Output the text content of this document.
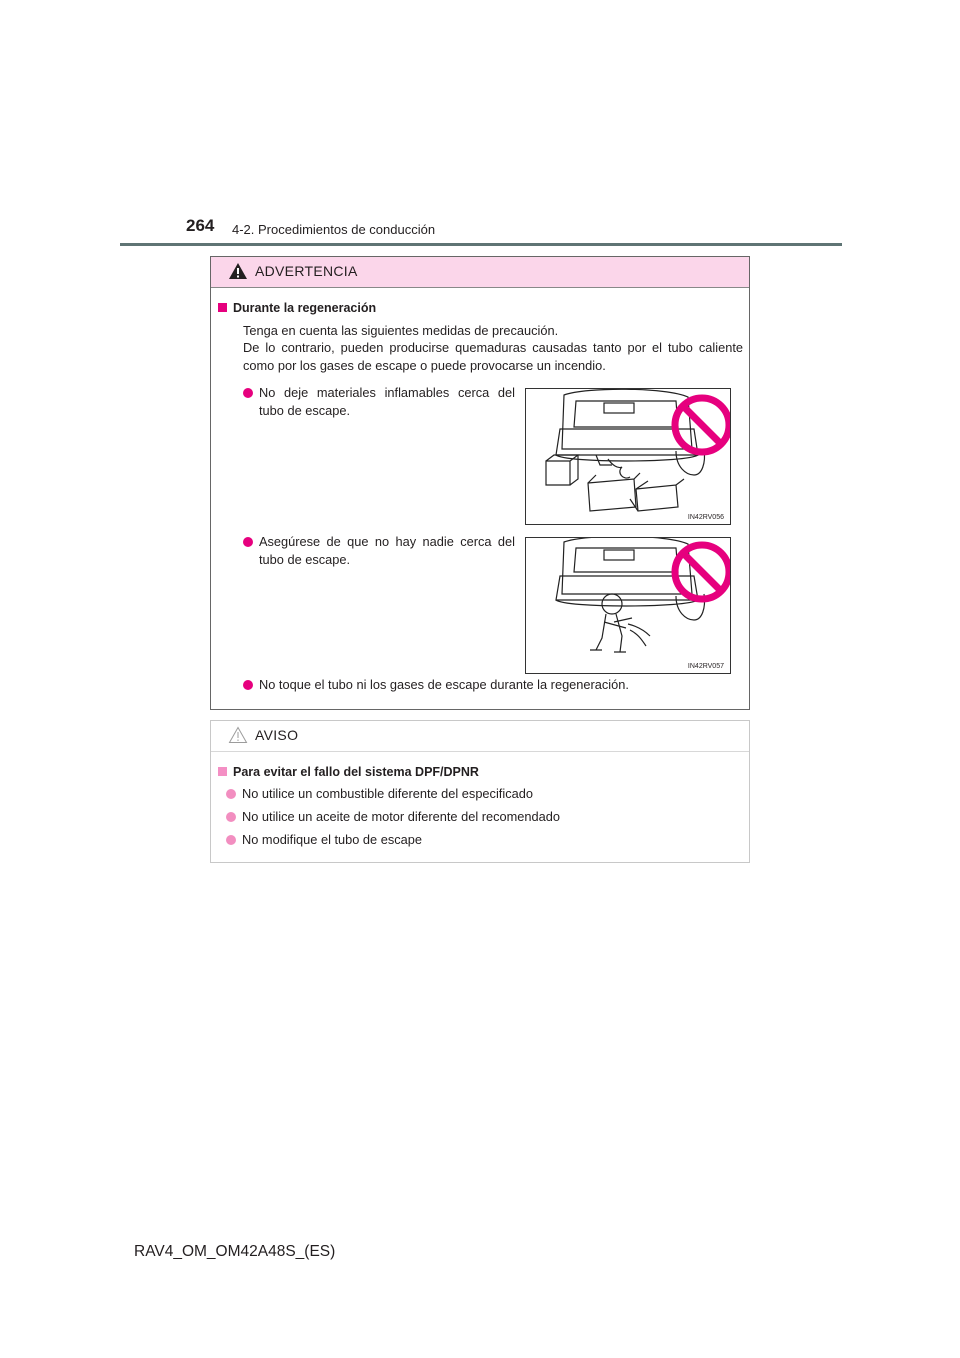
264 4-2. Procedimientos de conducción
ADVERTENCIA
Durante la regeneración
Tenga en cuenta las siguientes medidas de precaución.
De lo contrario, pueden producirse quemaduras causadas tanto por el tubo caliente como por los gases de escape o puede provocarse un incendio.
No deje materiales inflamables cerca del tubo de escape.
Asegúrese de que no hay nadie cerca del tubo de escape.
No toque el tubo ni los gases de escape durante la regeneración.
IN42RV056
IN42RV057
AVISO
Para evitar el fallo del sistema DPF/DPNR
No utilice un combustible diferente del especificado
No utilice un aceite de motor diferente del recomendado
No modifique el tubo de escape
RAV4_OM_OM42A48S_(ES)
